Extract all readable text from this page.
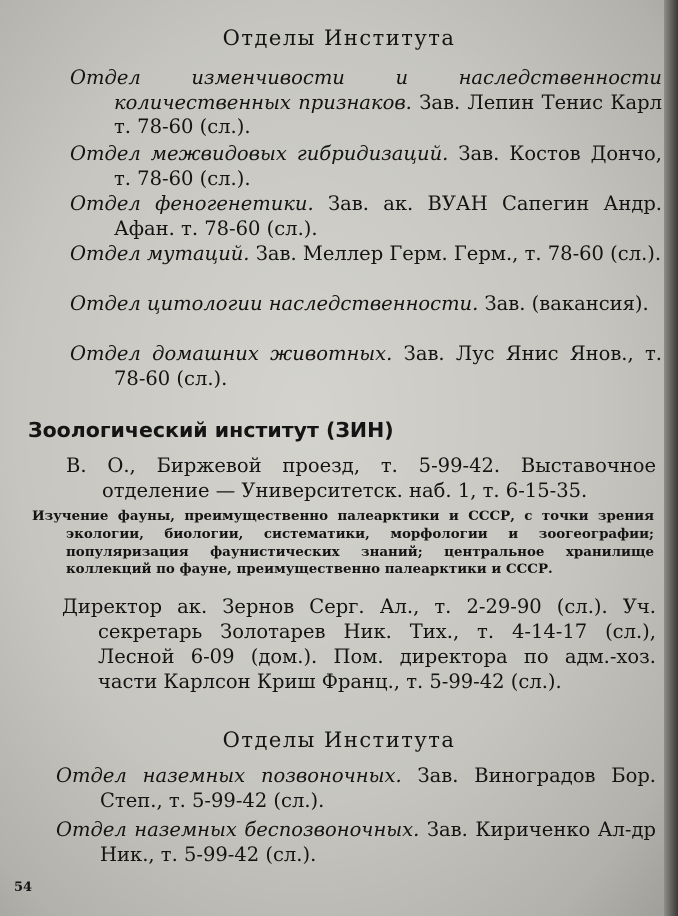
Отделы Института
Отдел изменчивости и наследственности количественных признаков. Зав. Лепин Тенис Карл т. 78-60 (сл.).
Отдел межвидовых гибридизаций. Зав. Костов Дончо, т. 78-60 (сл.).
Отдел феногенетики. Зав. ак. ВУАН Сапегин Андр. Афан. т. 78-60 (сл.).
Отдел мутаций. Зав. Меллер Герм. Герм., т. 78-60 (сл.).
Отдел цитологии наследственности. Зав. (вакансия).
Отдел домашних животных. Зав. Лус Янис Янов., т. 78-60 (сл.).
Зоологический институт (ЗИН)
В. О., Биржевой проезд, т. 5-99-42. Выставочное отделение — Университетск. наб. 1, т. 6-15-35.
Изучение фауны, преимущественно палеарктики и СССР, с точки зрения экологии, биологии, систематики, морфологии и зоогеографии; популяризация фаунистических знаний; центральное хранилище коллекций по фауне, преимущественно палеарктики и СССР.
Директор ак. Зернов Серг. Ал., т. 2-29-90 (сл.). Уч. секретарь Золотарев Ник. Тих., т. 4-14-17 (сл.), Лесной 6-09 (дом.). Пом. директора по адм.-хоз. части Карлсон Криш Франц., т. 5-99-42 (сл.).
Отделы Института
Отдел наземных позвоночных. Зав. Виноградов Бор. Степ., т. 5-99-42 (сл.).
Отдел наземных беспозвоночных. Зав. Кириченко Ал-др Ник., т. 5-99-42 (сл.).
54
